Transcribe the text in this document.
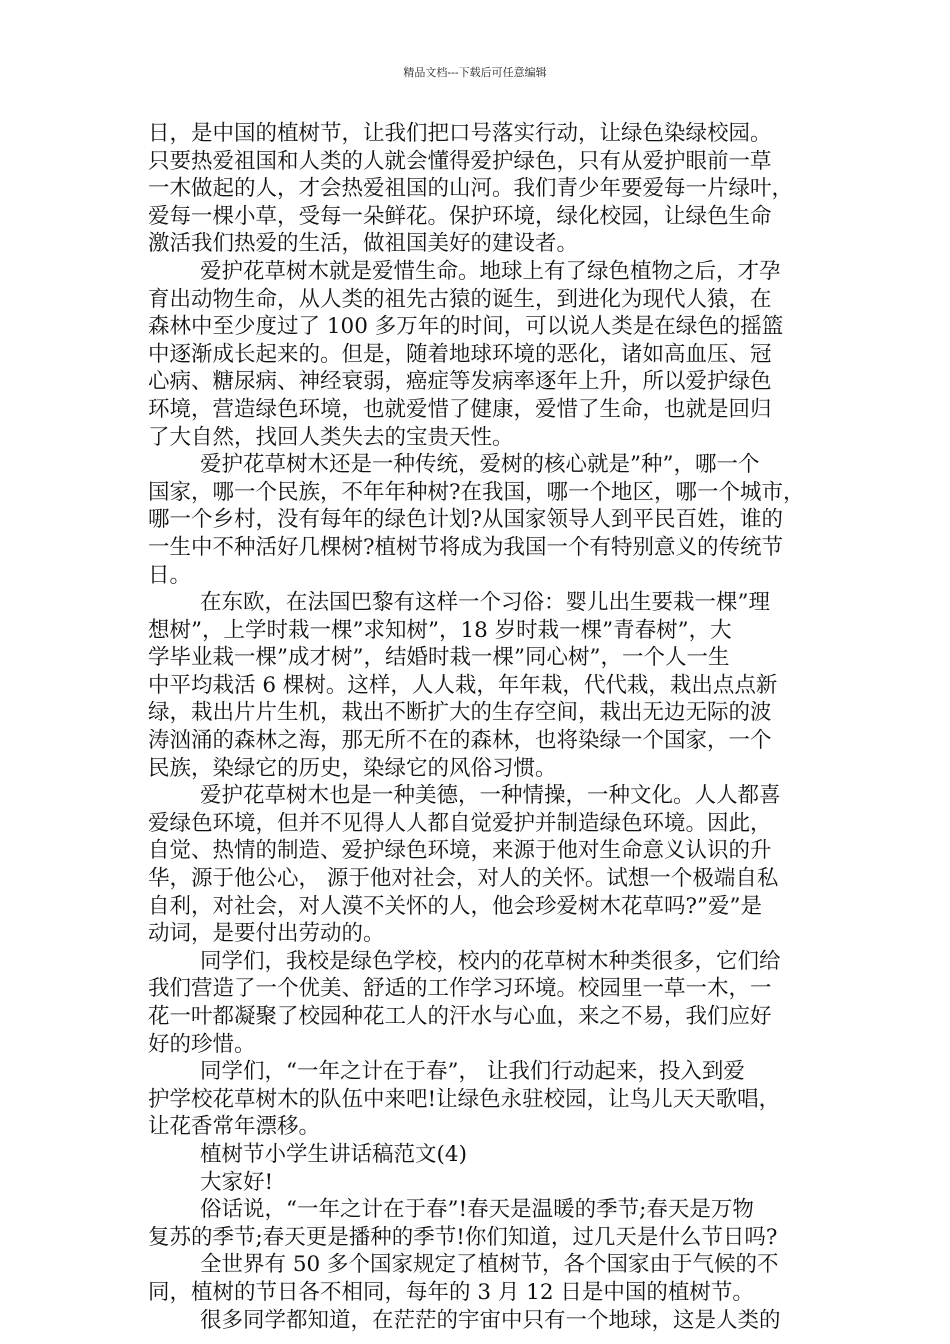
精品文档---下载后可任意编辑
日，是中国的植树节，让我们把口号落实行动，让绿色染绿校园。
只要热爱祖国和人类的人就会懂得爱护绿色，只有从爱护眼前一草
一木做起的人，才会热爱祖国的山河。我们青少年要爱每一片绿叶，
爱每一棵小草，受每一朵鲜花。保护环境，绿化校园，让绿色生命
激活我们热爱的生活，做祖国美好的建设者。
爱护花草树木就是爱惜生命。地球上有了绿色植物之后，才孕
育出动物生命，从人类的祖先古猿的诞生，到进化为现代人猿，在
森林中至少度过了 100 多万年的时间，可以说人类是在绿色的摇篮
中逐渐成长起来的。但是，随着地球环境的恶化，诸如高血压、冠
心病、糖尿病、神经衰弱，癌症等发病率逐年上升，所以爱护绿色
环境，营造绿色环境，也就爱惜了健康，爱惜了生命，也就是回归
了大自然，找回人类失去的宝贵天性。
爱护花草树木还是一种传统，爱树的核心就是”种”，哪一个
国家，哪一个民族，不年年种树?在我国，哪一个地区，哪一个城市，
哪一个乡村，没有每年的绿色计划?从国家领导人到平民百姓，谁的
一生中不种活好几棵树?植树节将成为我国一个有特别意义的传统节
日。
在东欧，在法国巴黎有这样一个习俗：婴儿出生要栽一棵”理
想树”，上学时栽一棵”求知树”，18 岁时栽一棵”青春树”，大
学毕业栽一棵”成才树”，结婚时栽一棵”同心树”，一个人一生
中平均栽活 6 棵树。这样，人人栽，年年栽，代代栽，栽出点点新
绿，栽出片片生机，栽出不断扩大的生存空间，栽出无边无际的波
涛汹涌的森林之海，那无所不在的森林，也将染绿一个国家，一个
民族，染绿它的历史，染绿它的风俗习惯。
爱护花草树木也是一种美德，一种情操，一种文化。人人都喜
爱绿色环境，但并不见得人人都自觉爱护并制造绿色环境。因此，
自觉、热情的制造、爱护绿色环境，来源于他对生命意义认识的升
华，源于他公心， 源于他对社会，对人的关怀。试想一个极端自私
自利，对社会，对人漠不关怀的人，他会珍爱树木花草吗?”爱”是
动词，是要付出劳动的。
同学们，我校是绿色学校，校内的花草树木种类很多，它们给
我们营造了一个优美、舒适的工作学习环境。校园里一草一木，一
花一叶都凝聚了校园种花工人的汗水与心血，来之不易，我们应好
好的珍惜。
同学们，“一年之计在于春”， 让我们行动起来，投入到爱
护学校花草树木的队伍中来吧!让绿色永驻校园，让鸟儿天天歌唱，
让花香常年漂移。
植树节小学生讲话稿范文(4)
大家好!
俗话说，“一年之计在于春”!春天是温暖的季节;春天是万物
复苏的季节;春天更是播种的季节!你们知道，过几天是什么节日吗?
全世界有 50 多个国家规定了植树节，各个国家由于气候的不
同，植树的节日各不相同，每年的 3 月 12 日是中国的植树节。
很多同学都知道，在茫茫的宇宙中只有一个地球，这是人类的
